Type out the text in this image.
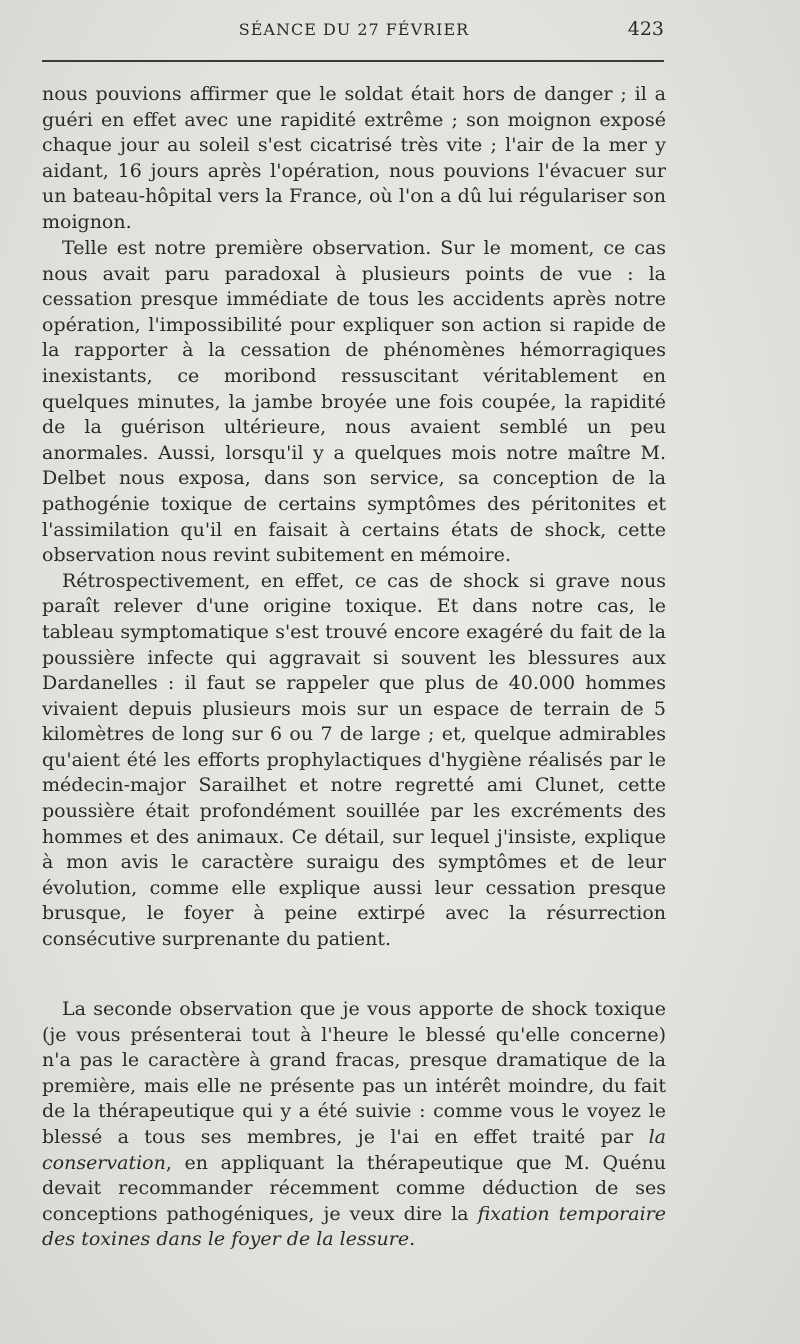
SÉANCE DU 27 FÉVRIER	423

nous pouvions affirmer que le soldat était hors de danger ; il a guéri en effet avec une rapidité extrême ; son moignon exposé chaque jour au soleil s'est cicatrisé très vite ; l'air de la mer y aidant, 16 jours après l'opération, nous pouvions l'évacuer sur un bateau-hôpital vers la France, où l'on a dû lui régulariser son moignon.

Telle est notre première observation. Sur le moment, ce cas nous avait paru paradoxal à plusieurs points de vue : la cessation presque immédiate de tous les accidents après notre opération, l'impossibilité pour expliquer son action si rapide de la rapporter à la cessation de phénomènes hémorragiques inexistants, ce moribond ressuscitant véritablement en quelques minutes, la jambe broyée une fois coupée, la rapidité de la guérison ultérieure, nous avaient semblé un peu anormales. Aussi, lorsqu'il y a quelques mois notre maître M. Delbet nous exposa, dans son service, sa conception de la pathogénie toxique de certains symptômes des péritonites et l'assimilation qu'il en faisait à certains états de shock, cette observation nous revint subitement en mémoire.

Rétrospectivement, en effet, ce cas de shock si grave nous paraît relever d'une origine toxique. Et dans notre cas, le tableau symptomatique s'est trouvé encore exagéré du fait de la poussière infecte qui aggravait si souvent les blessures aux Dardanelles : il faut se rappeler que plus de 40.000 hommes vivaient depuis plusieurs mois sur un espace de terrain de 5 kilomètres de long sur 6 ou 7 de large ; et, quelque admirables qu'aient été les efforts prophylactiques d'hygiène réalisés par le médecin-major Sarailhet et notre regretté ami Clunet, cette poussière était profondément souillée par les excréments des hommes et des animaux. Ce détail, sur lequel j'insiste, explique à mon avis le caractère suraigu des symptômes et de leur évolution, comme elle explique aussi leur cessation presque brusque, le foyer à peine extirpé avec la résurrection consécutive surprenante du patient.

La seconde observation que je vous apporte de shock toxique (je vous présenterai tout à l'heure le blessé qu'elle concerne) n'a pas le caractère à grand fracas, presque dramatique de la première, mais elle ne présente pas un intérêt moindre, du fait de la thérapeutique qui y a été suivie : comme vous le voyez le blessé a tous ses membres, je l'ai en effet traité par la conservation, en appliquant la thérapeutique que M. Quénu devait recommander récemment comme déduction de ses conceptions pathogéniques, je veux dire la fixation temporaire des toxines dans le foyer de la lessure.
